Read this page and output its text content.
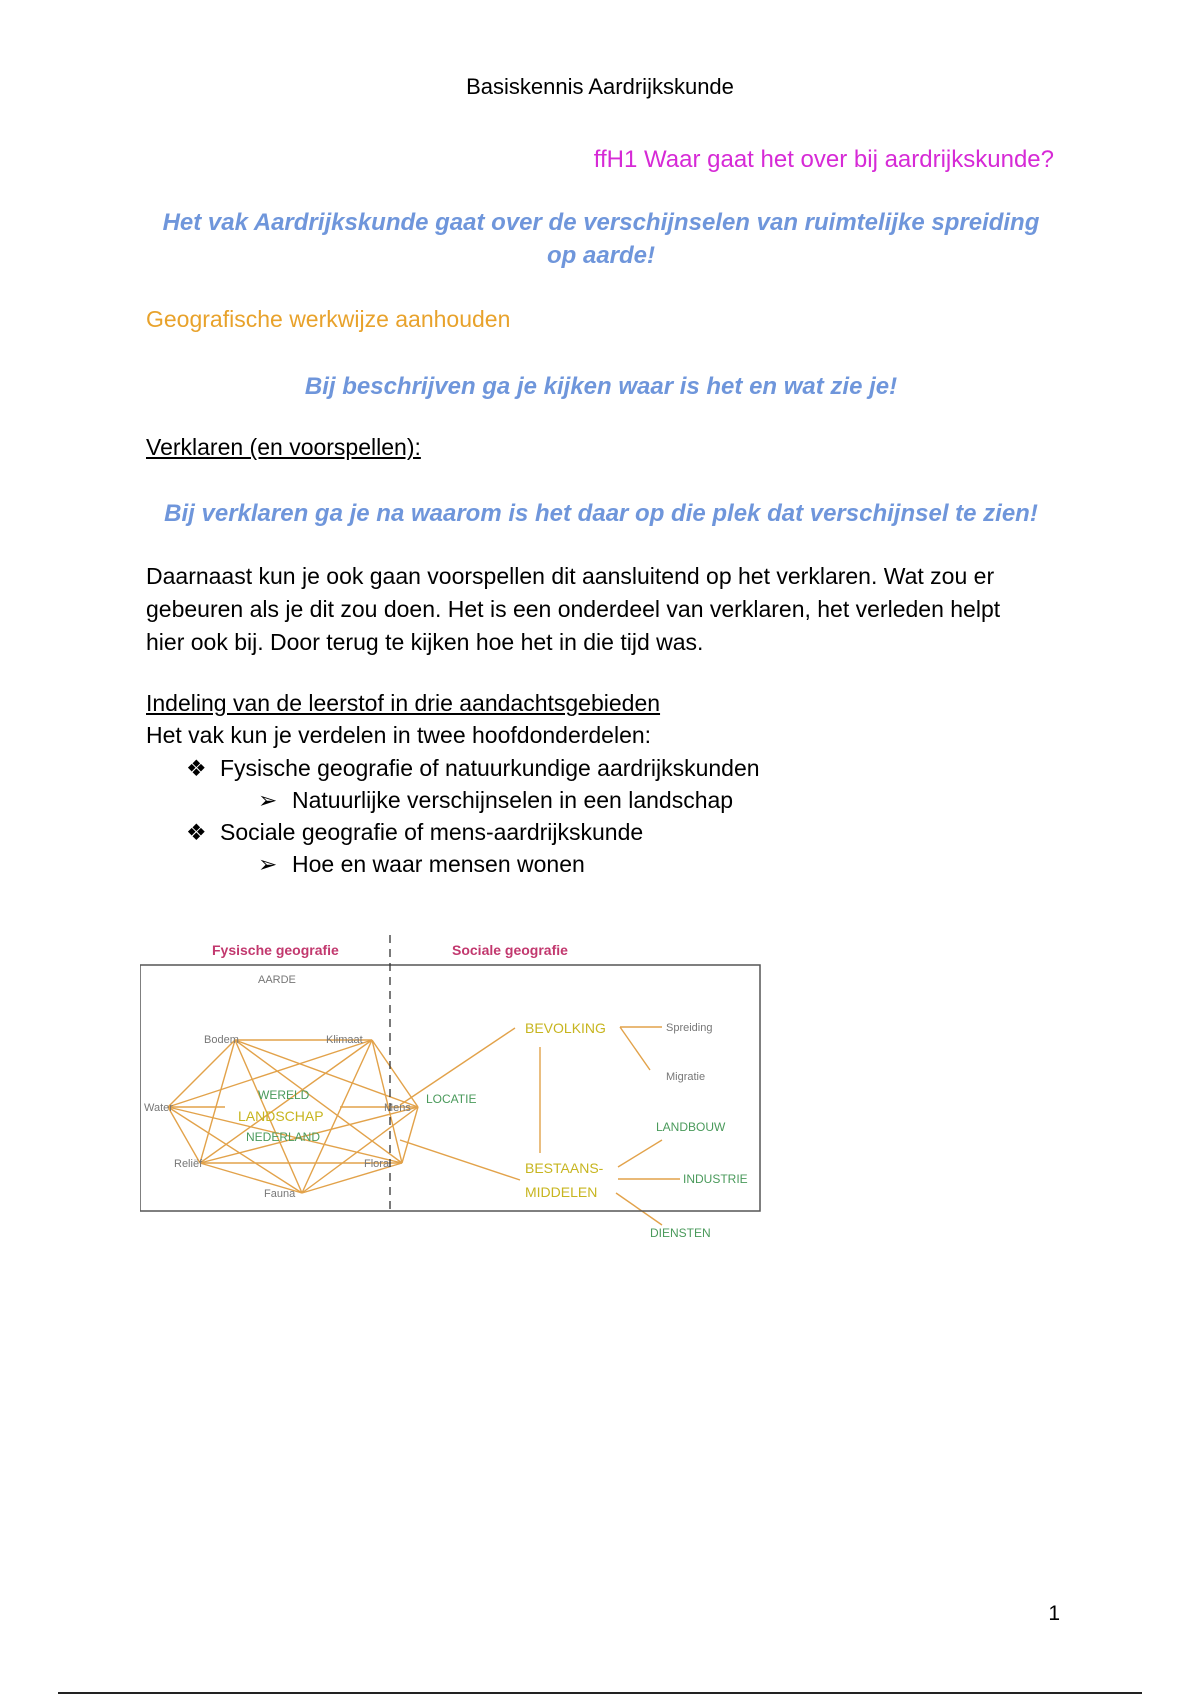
Basiskennis Aardrijkskunde
ffH1 Waar gaat het over bij aardrijkskunde?
Het vak Aardrijkskunde gaat over de verschijnselen van ruimtelijke spreiding
op aarde!
Geografische werkwijze aanhouden
Bij beschrijven ga je kijken waar is het en wat zie je!
Verklaren (en voorspellen):
Bij verklaren ga je na waarom is het daar op die plek dat verschijnsel te zien!
Daarnaast kun je ook gaan voorspellen dit aansluitend op het verklaren. Wat zou er
gebeuren als je dit zou doen. Het is een onderdeel van verklaren, het verleden helpt
hier ook bij. Door terug te kijken hoe het in die tijd was.
Indeling van de leerstof in drie aandachtsgebieden
Het vak kun je verdelen in twee hoofdonderdelen:
❖ Fysische geografie of natuurkundige aardrijkskunden
➢ Natuurlijke verschijnselen in een landschap
❖ Sociale geografie of mens-aardrijkskunde
➢ Hoe en waar mensen wonen
Fysische geografie	Sociale geografie
AARDE
Bodem	Klimaat
Water	Mens
Reliëf	Flora
Fauna
Spreiding
Migratie
WERELD
LANDSCHAP
NEDERLAND
LOCATIE
BEVOLKING
BESTAANS-
MIDDELEN
LANDBOUW
INDUSTRIE
DIENSTEN
1
